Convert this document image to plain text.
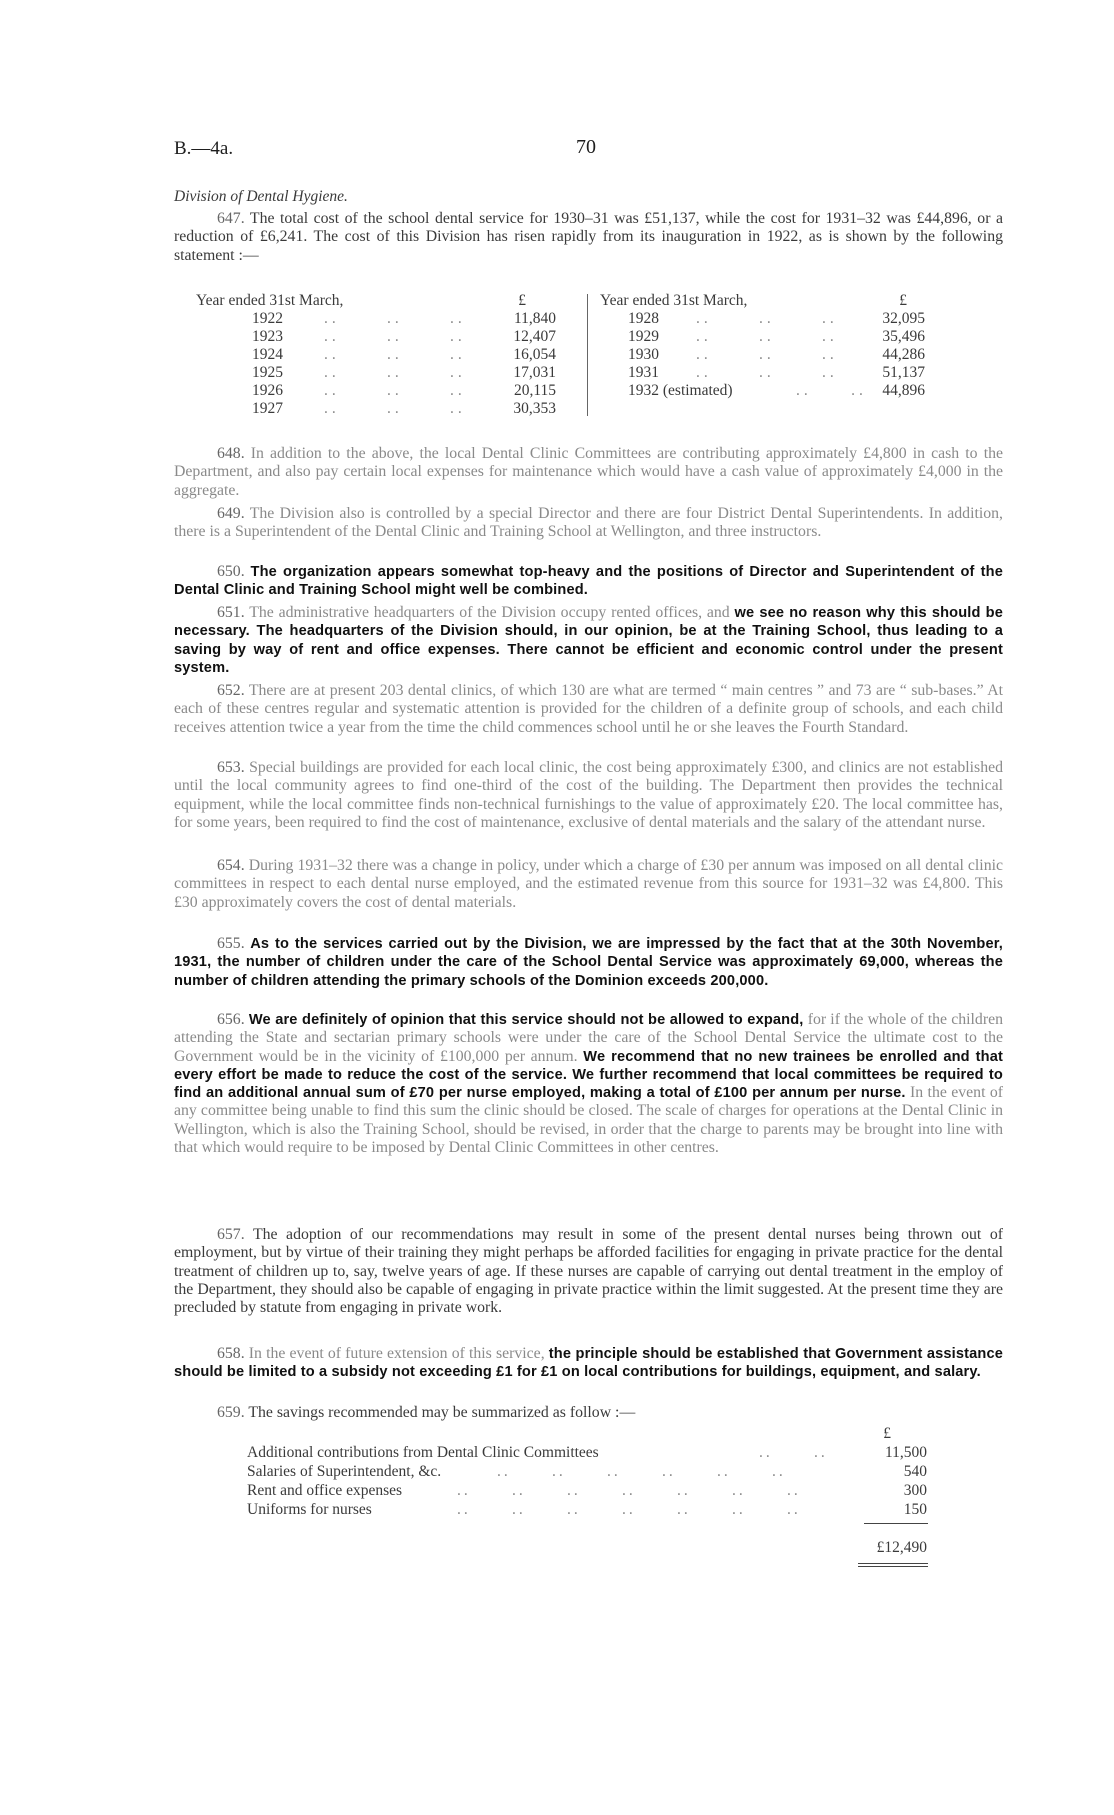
B.—4a.	70
Division of Dental Hygiene.

647. The total cost of the school dental service for 1930–31 was £51,137, while the cost for 1931–32 was £44,896, or a reduction of £6,241. The cost of this Division has risen rapidly from its inauguration in 1922, as is shown by the following statement :—

Year ended 31st March,	£
1922	..      ..      ..	11,840
1923	..      ..      ..	12,407
1924	..      ..      ..	16,054
1925	..      ..      ..	17,031
1926	..      ..      ..	20,115
1927	..      ..      ..	30,353
Year ended 31st March,	£
1928 ..      ..      ..	32,095
1929 ..      ..      ..	35,496
1930 ..      ..      ..	44,286
1931 ..      ..      ..	51,137
1932 (estimated)	..     .. 44,896

648. In addition to the above, the local Dental Clinic Committees are contributing approximately £4,800 in cash to the Department, and also pay certain local expenses for maintenance which would have a cash value of approximately £4,000 in the aggregate.

649. The Division also is controlled by a special Director and there are four District Dental Superintendents. In addition, there is a Superintendent of the Dental Clinic and Training School at Wellington, and three instructors.

650. The organization appears somewhat top-heavy and the positions of Director and Superintendent of the Dental Clinic and Training School might well be combined.

651. The administrative headquarters of the Division occupy rented offices, and we see no reason why this should be necessary. The headquarters of the Division should, in our opinion, be at the Training School, thus leading to a saving by way of rent and office expenses. There cannot be efficient and economic control under the present system.

652. There are at present 203 dental clinics, of which 130 are what are termed “ main centres ” and 73 are “ sub-bases.” At each of these centres regular and systematic attention is provided for the children of a definite group of schools, and each child receives attention twice a year from the time the child commences school until he or she leaves the Fourth Standard.

653. Special buildings are provided for each local clinic, the cost being approximately £300, and clinics are not established until the local community agrees to find one-third of the cost of the building. The Department then provides the technical equipment, while the local committee finds non-technical furnishings to the value of approximately £20. The local committee has, for some years, been required to find the cost of maintenance, exclusive of dental materials and the salary of the attendant nurse.

654. During 1931–32 there was a change in policy, under which a charge of £30 per annum was imposed on all dental clinic committees in respect to each dental nurse employed, and the estimated revenue from this source for 1931–32 was £4,800. This £30 approximately covers the cost of dental materials.

655. As to the services carried out by the Division, we are impressed by the fact that at the 30th November, 1931, the number of children under the care of the School Dental Service was approximately 69,000, whereas the number of children attending the primary schools of the Dominion exceeds 200,000.

656. We are definitely of opinion that this service should not be allowed to expand, for if the whole of the children attending the State and sectarian primary schools were under the care of the School Dental Service the ultimate cost to the Government would be in the vicinity of £100,000 per annum. We recommend that no new trainees be enrolled and that every effort be made to reduce the cost of the service. We further recommend that local committees be required to find an additional annual sum of £70 per nurse employed, making a total of £100 per annum per nurse. In the event of any committee being unable to find this sum the clinic should be closed. The scale of charges for operations at the Dental Clinic in Wellington, which is also the Training School, should be revised, in order that the charge to parents may be brought into line with that which would require to be imposed by Dental Clinic Committees in other centres.

657. The adoption of our recommendations may result in some of the present dental nurses being thrown out of employment, but by virtue of their training they might perhaps be afforded facilities for engaging in private practice for the dental treatment of children up to, say, twelve years of age. If these nurses are capable of carrying out dental treatment in the employ of the Department, they should also be capable of engaging in private practice within the limit suggested. At the present time they are precluded by statute from engaging in private work.

658. In the event of future extension of this service, the principle should be established that Government assistance should be limited to a subsidy not exceeding £1 for £1 on local contributions for buildings, equipment, and salary.

659. The savings recommended may be summarized as follow :—

£
Additional contributions from Dental Clinic Committees	..      ..	11,500
Salaries of Superintendent, &c.	..      ..      ..      ..      ..      ..	540
Rent and office expenses	..      ..      ..      ..      ..      ..      ..	300
Uniforms for nurses	..      ..      ..      ..      ..      ..      ..	150
£12,490
